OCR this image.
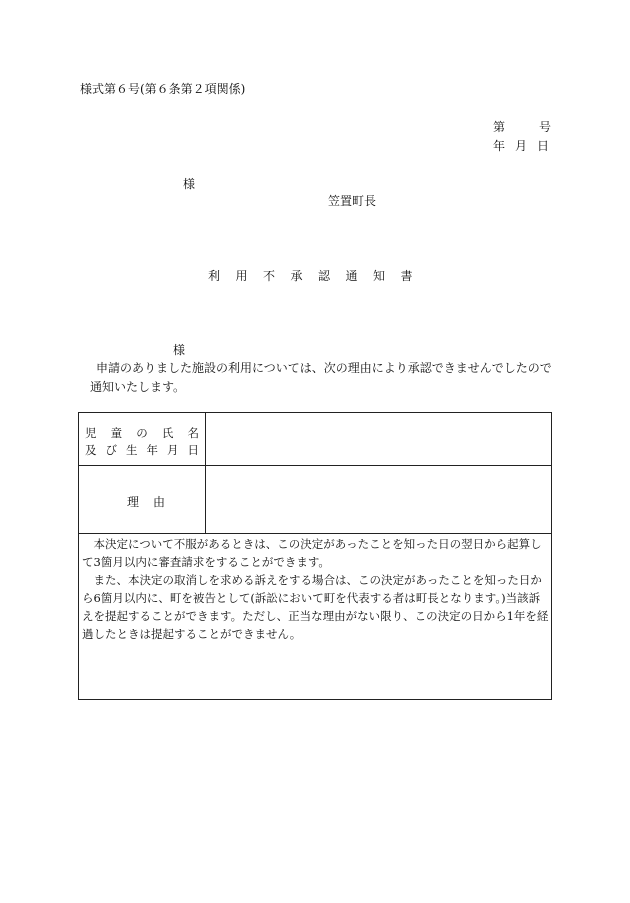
様式第６号(第６条第２項関係)
第	号
年 月 日
様
笠置町長
利用不承認通知書
様

申請のありました施設の利用については、次の理由により承認できませんでしたので

通知いたします。

児 童 の 氏 名
及 び 生 年 月 日
理由

本決定について不服があるときは、この決定があったことを知った日の翌日から起算して3箇月以内に審査請求をすることができます。

また、本決定の取消しを求める訴えをする場合は、この決定があったことを知った日から6箇月以内に、町を被告として(訴訟において町を代表する者は町長となります。)当該訴えを提起することができます。ただし、正当な理由がない限り、この決定の日から1年を経過したときは提起することができません。
